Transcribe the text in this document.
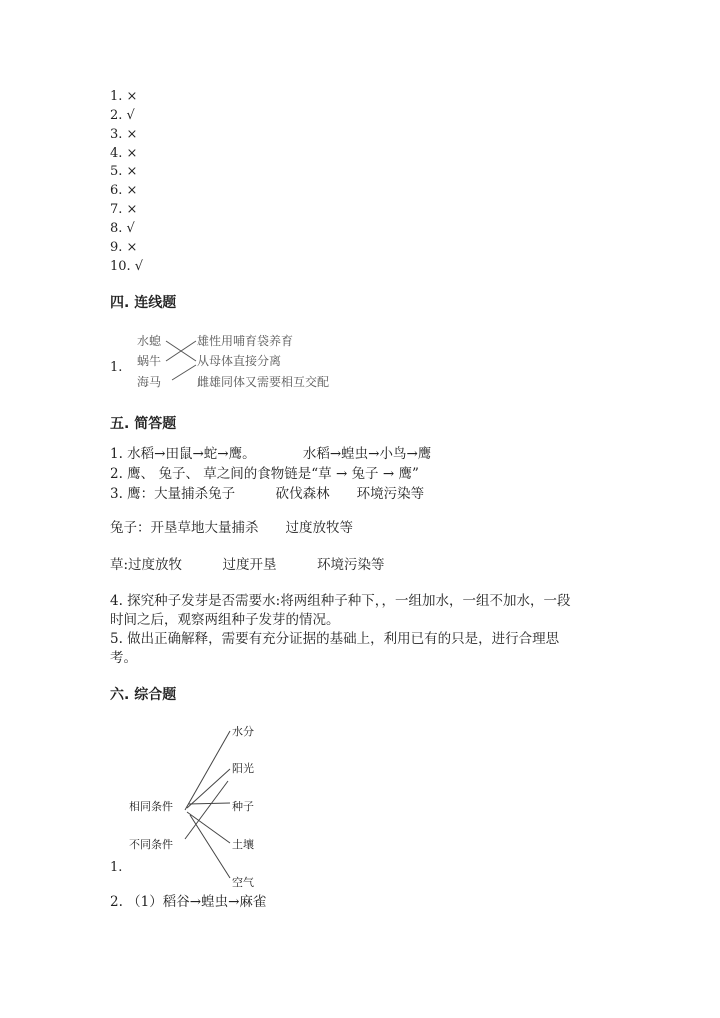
1. ×
2. √
3. ×
4. ×
5. ×
6. ×
7. ×
8. √
9. ×
10. √
四. 连线题
1.
水螅
蜗牛
海马
雄性用哺育袋养育
从母体直接分离
雌雄同体又需要相互交配
五. 简答题
1. 水稻→田鼠→蛇→鹰。　　　　水稻→蝗虫→小鸟→鹰
2. 鹰、 兔子、 草之间的食物链是“草 → 兔子 → 鹰”
3. 鹰：大量捕杀兔子　　　砍伐森林　　环境污染等
兔子：开垦草地大量捕杀　　过度放牧等
草:过度放牧　　　过度开垦　　　环境污染等
4. 探究种子发芽是否需要水:将两组种子种下，，一组加水，一组不加水，一段
时间之后，观察两组种子发芽的情况。
5. 做出正确解释，需要有充分证据的基础上，利用已有的只是，进行合理思
考。
六. 综合题
相同条件
不同条件
水分
阳光
种子
土壤
空气
1.
2. （1）稻谷→蝗虫→麻雀
